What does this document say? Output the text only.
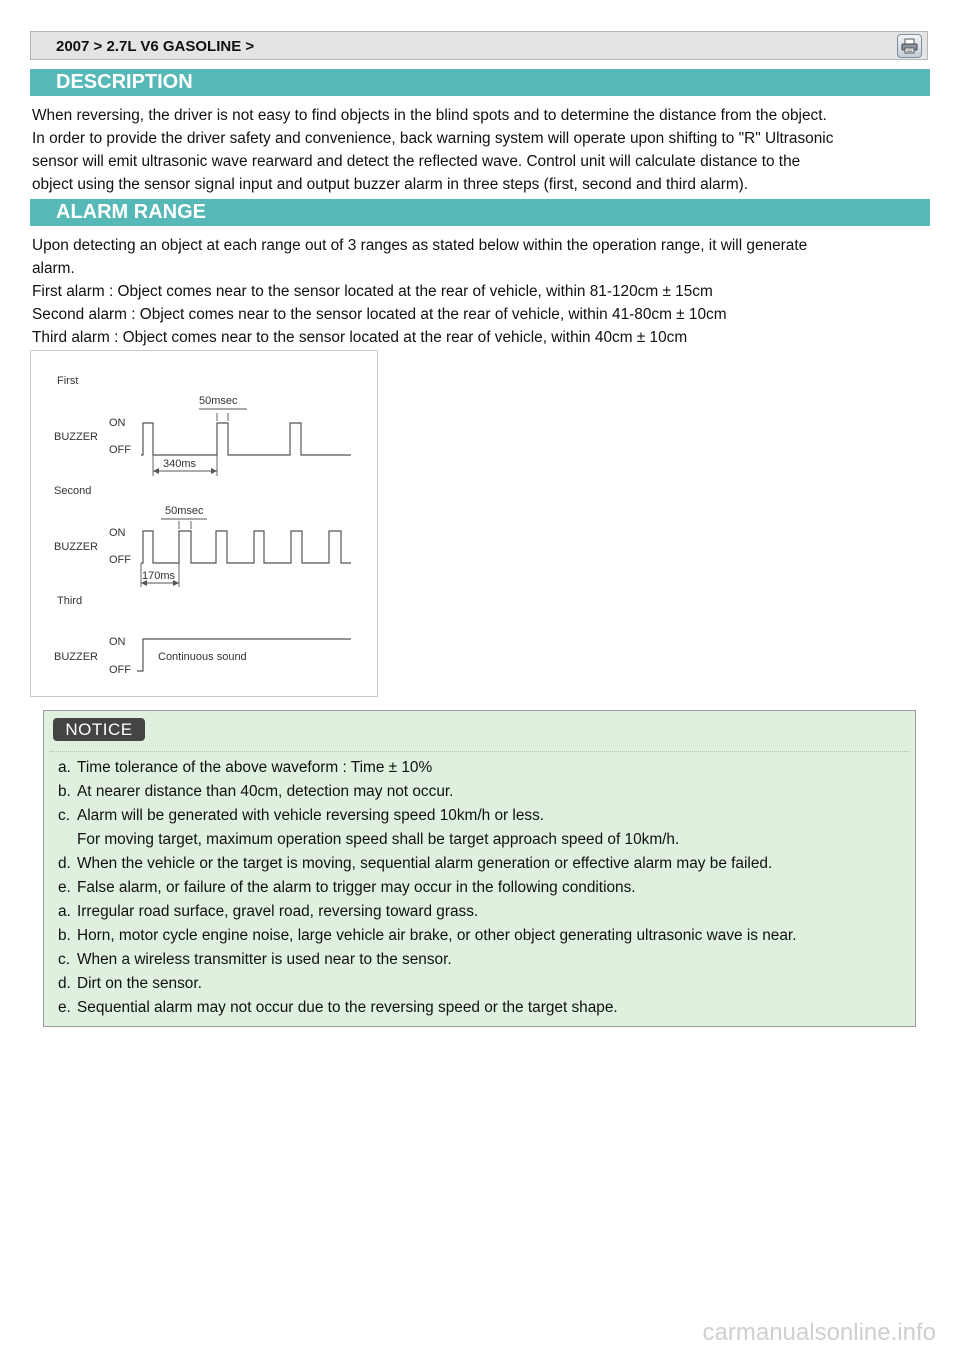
2007 > 2.7L V6 GASOLINE >
DESCRIPTION
When reversing, the driver is not easy to find objects in the blind spots and to determine the distance from the object.
In order to provide the driver safety and convenience, back warning system will operate upon shifting to "R" Ultrasonic
sensor will emit ultrasonic wave rearward and detect the reflected wave. Control unit will calculate distance to the
object using the sensor signal input and output buzzer alarm in three steps (first, second and third alarm).
ALARM RANGE
Upon detecting an object at each range out of 3 ranges as stated below within the operation range, it will generate
alarm.
First alarm : Object comes near to the sensor located at the rear of vehicle, within 81-120cm ± 15cm
Second alarm : Object comes near to the sensor located at the rear of vehicle, within 41-80cm ± 10cm
Third alarm : Object comes near to the sensor located at the rear of vehicle, within 40cm ± 10cm
First
BUZZER
ON
OFF
50msec
340ms
Second
BUZZER
ON
OFF
50msec
170ms
Third
BUZZER
ON
OFF
Continuous sound
NOTICE
a. Time tolerance of the above waveform : Time ± 10%
b. At nearer distance than 40cm, detection may not occur.
c. Alarm will be generated with vehicle reversing speed 10km/h or less.
For moving target, maximum operation speed shall be target approach speed of 10km/h.
d. When the vehicle or the target is moving, sequential alarm generation or effective alarm may be failed.
e. False alarm, or failure of the alarm to trigger may occur in the following conditions.
a. Irregular road surface, gravel road, reversing toward grass.
b. Horn, motor cycle engine noise, large vehicle air brake, or other object generating ultrasonic wave is near.
c. When a wireless transmitter is used near to the sensor.
d. Dirt on the sensor.
e. Sequential alarm may not occur due to the reversing speed or the target shape.
carmanualsonline.info
